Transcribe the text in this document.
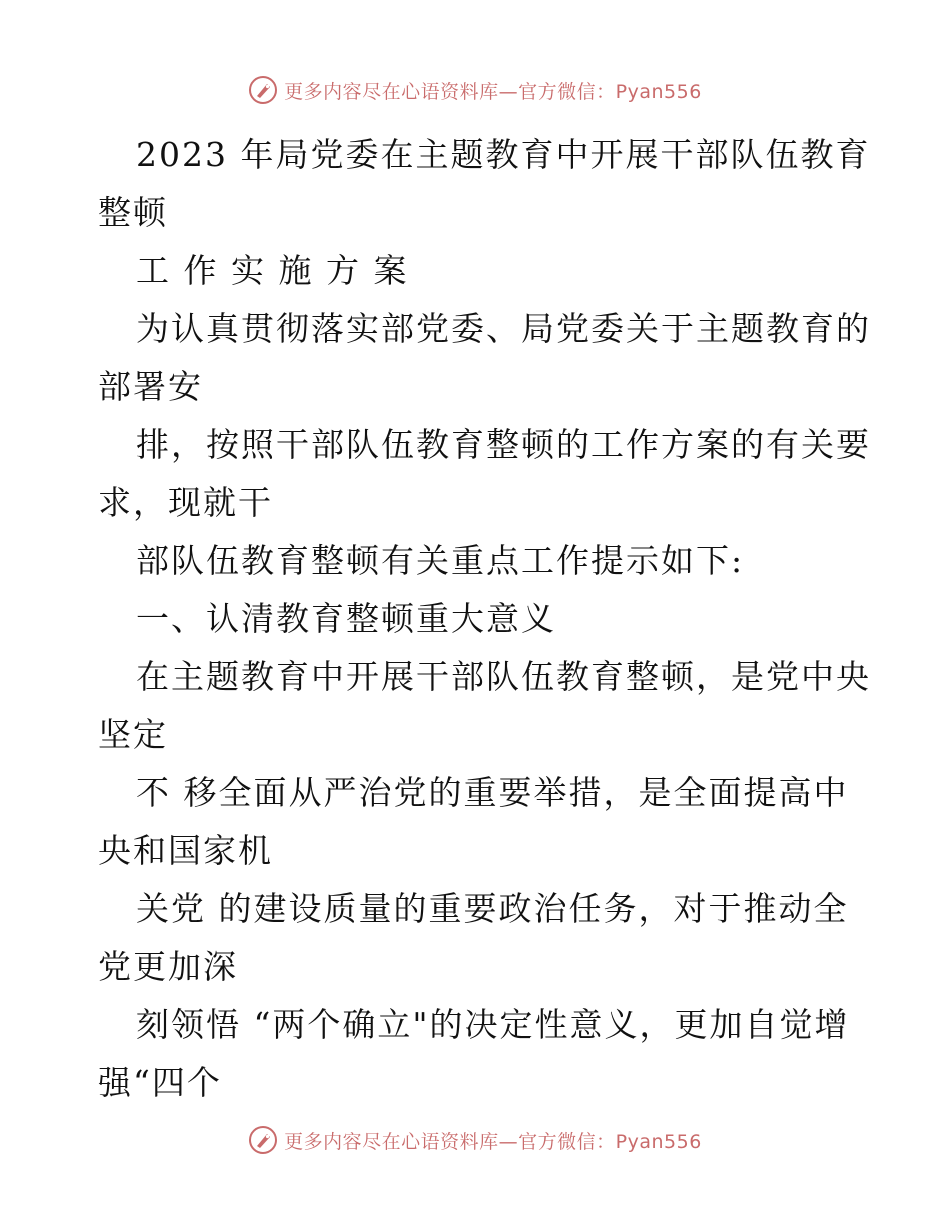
更多内容尽在心语资料库—官方微信：Pyan556
2023 年局党委在主题教育中开展干部队伍教育
整顿
工 作 实 施 方 案
为认真贯彻落实部党委、局党委关于主题教育的
部署安
排，按照干部队伍教育整顿的工作方案的有关要
求，现就干
部队伍教育整顿有关重点工作提示如下:
一、认清教育整顿重大意义
在主题教育中开展干部队伍教育整顿，是党中央
坚定
不 移全面从严治党的重要举措，是全面提高中
央和国家机
关党 的建设质量的重要政治任务，对于推动全
党更加深
刻领悟 “两个确立"的决定性意义，更加自觉增
强“四个
更多内容尽在心语资料库—官方微信：Pyan556
